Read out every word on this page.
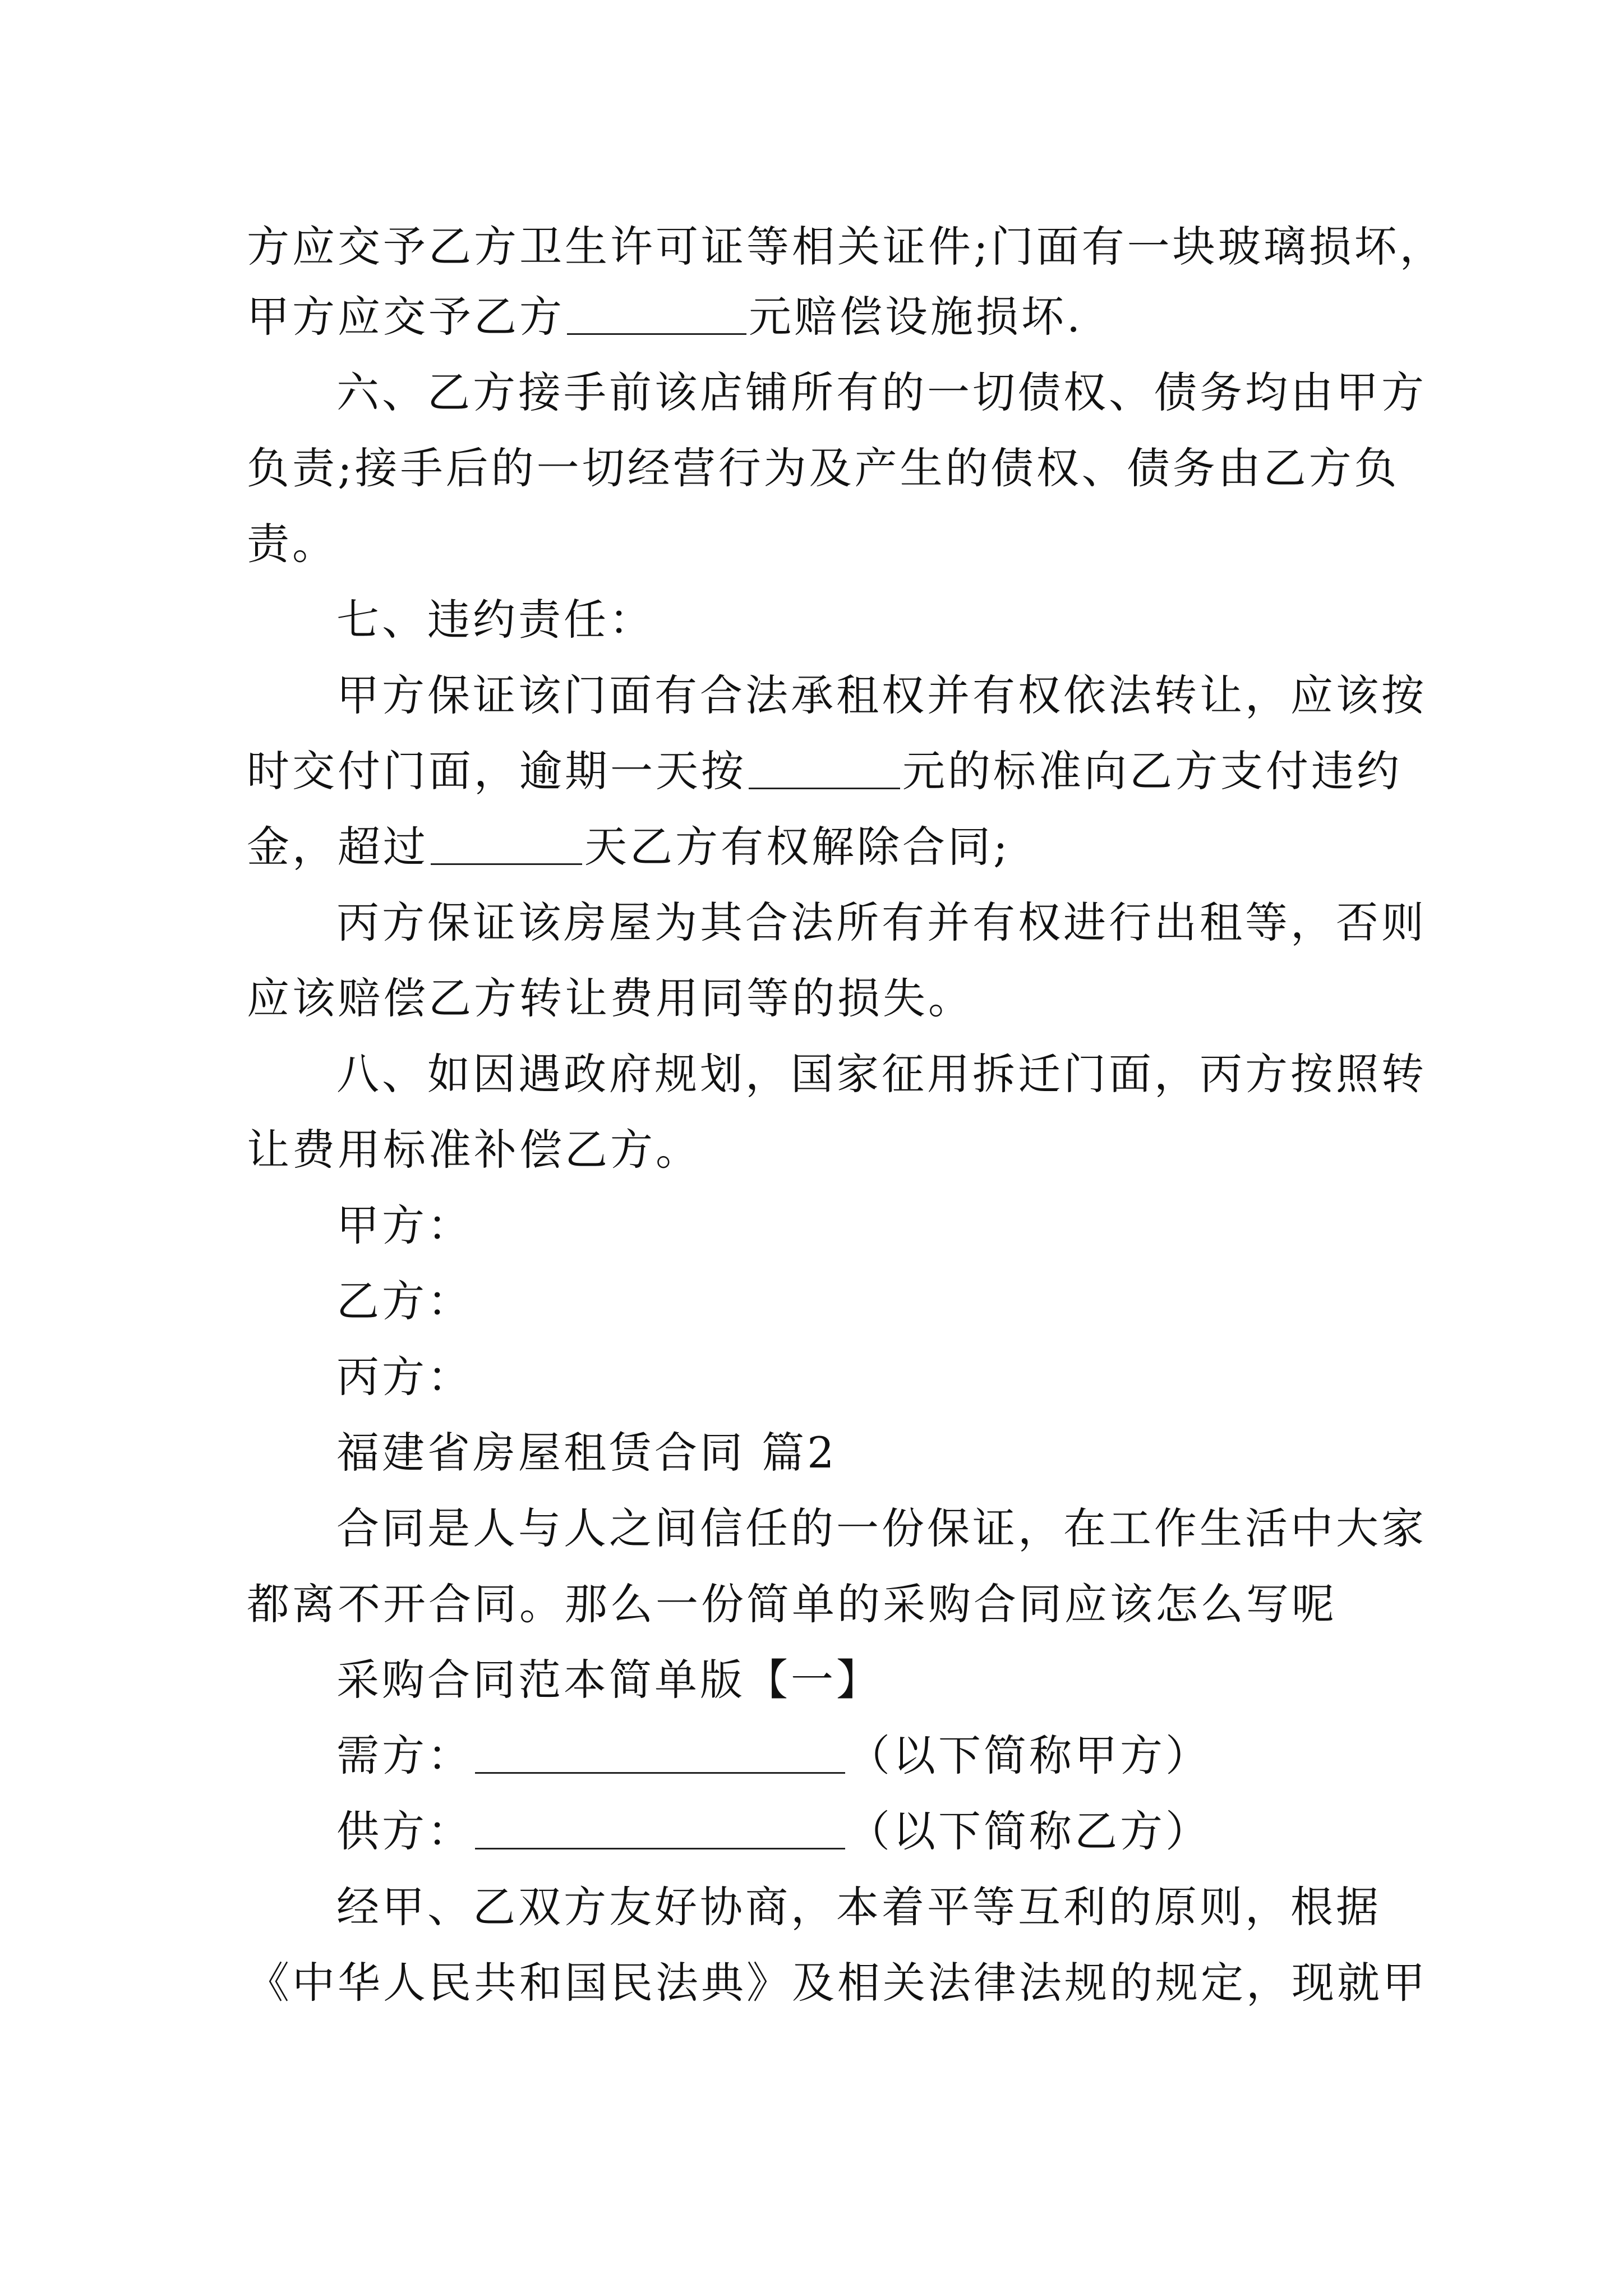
方应交予乙方卫生许可证等相关证件;门面有一块玻璃损坏，
甲方应交予乙方	元赔偿设施损坏.
六、乙方接手前该店铺所有的一切债权、债务均由甲方
负责;接手后的一切经营行为及产生的债权、债务由乙方负
责。
七、违约责任：
甲方保证该门面有合法承租权并有权依法转让，应该按
时交付门面，逾期一天按	元的标准向乙方支付违约
金，超过	天乙方有权解除合同;
丙方保证该房屋为其合法所有并有权进行出租等，否则
应该赔偿乙方转让费用同等的损失。
八、如因遇政府规划，国家征用拆迁门面，丙方按照转
让费用标准补偿乙方。
甲方：
乙方：
丙方：
福建省房屋租赁合同 篇2
合同是人与人之间信任的一份保证，在工作生活中大家
都离不开合同。那么一份简单的采购合同应该怎么写呢
采购合同范本简单版【一】
需方：	（以下简称甲方）
供方：	（以下简称乙方）
经甲、乙双方友好协商，本着平等互利的原则，根据
《中华人民共和国民法典》及相关法律法规的规定，现就甲
